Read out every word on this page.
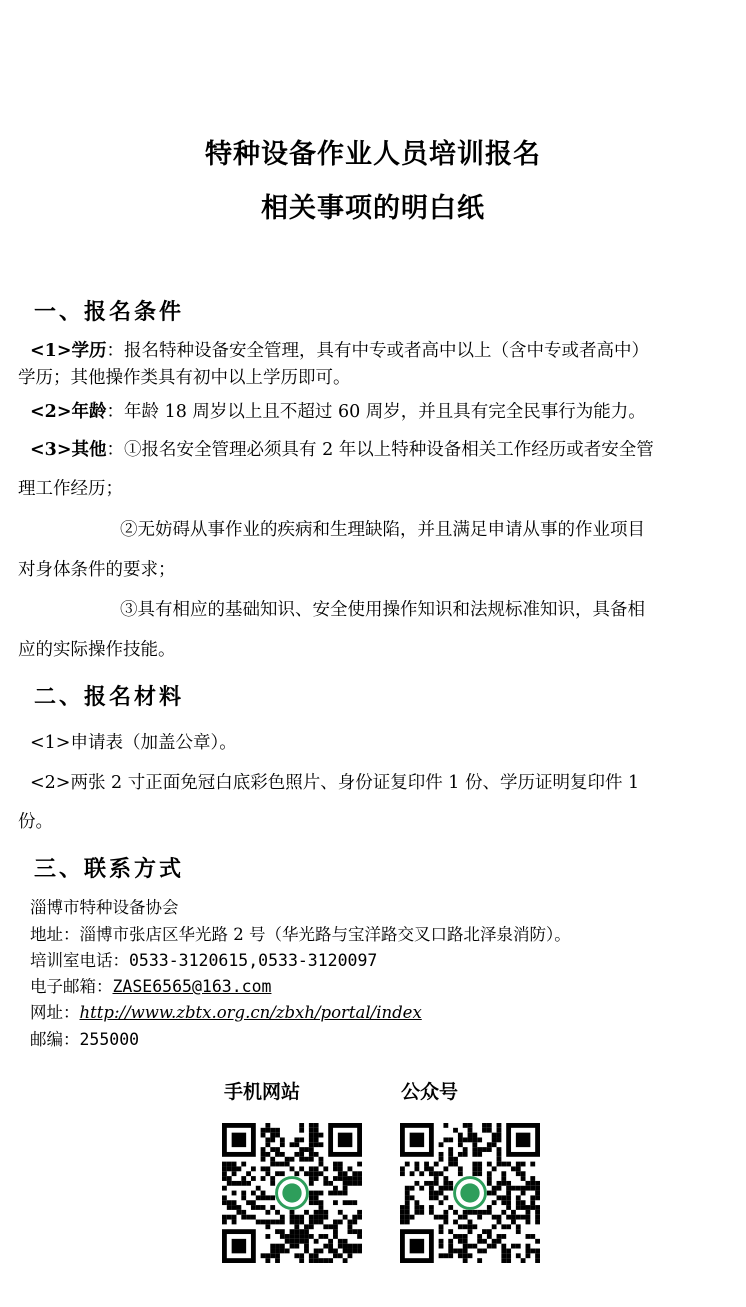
特种设备作业人员培训报名
相关事项的明白纸
一、报名条件
<1>学历：报名特种设备安全管理，具有中专或者高中以上（含中专或者高中）
学历；其他操作类具有初中以上学历即可。
<2>年龄：年龄 18 周岁以上且不超过 60 周岁，并且具有完全民事行为能力。
<3>其他：①报名安全管理必须具有 2 年以上特种设备相关工作经历或者安全管
理工作经历；
②无妨碍从事作业的疾病和生理缺陷，并且满足申请从事的作业项目
对身体条件的要求；
③具有相应的基础知识、安全使用操作知识和法规标准知识，具备相
应的实际操作技能。
二、报名材料
<1>申请表（加盖公章）。
<2>两张 2 寸正面免冠白底彩色照片、身份证复印件 1 份、学历证明复印件 1
份。
三、联系方式
淄博市特种设备协会
地址：淄博市张店区华光路 2 号（华光路与宝洋路交叉口路北泽泉消防）。
培训室电话：0533-3120615,0533-3120097
电子邮箱：ZASE6565@163.com
网址：http://www.zbtx.org.cn/zbxh/portal/index
邮编：255000
手机网站	公众号
